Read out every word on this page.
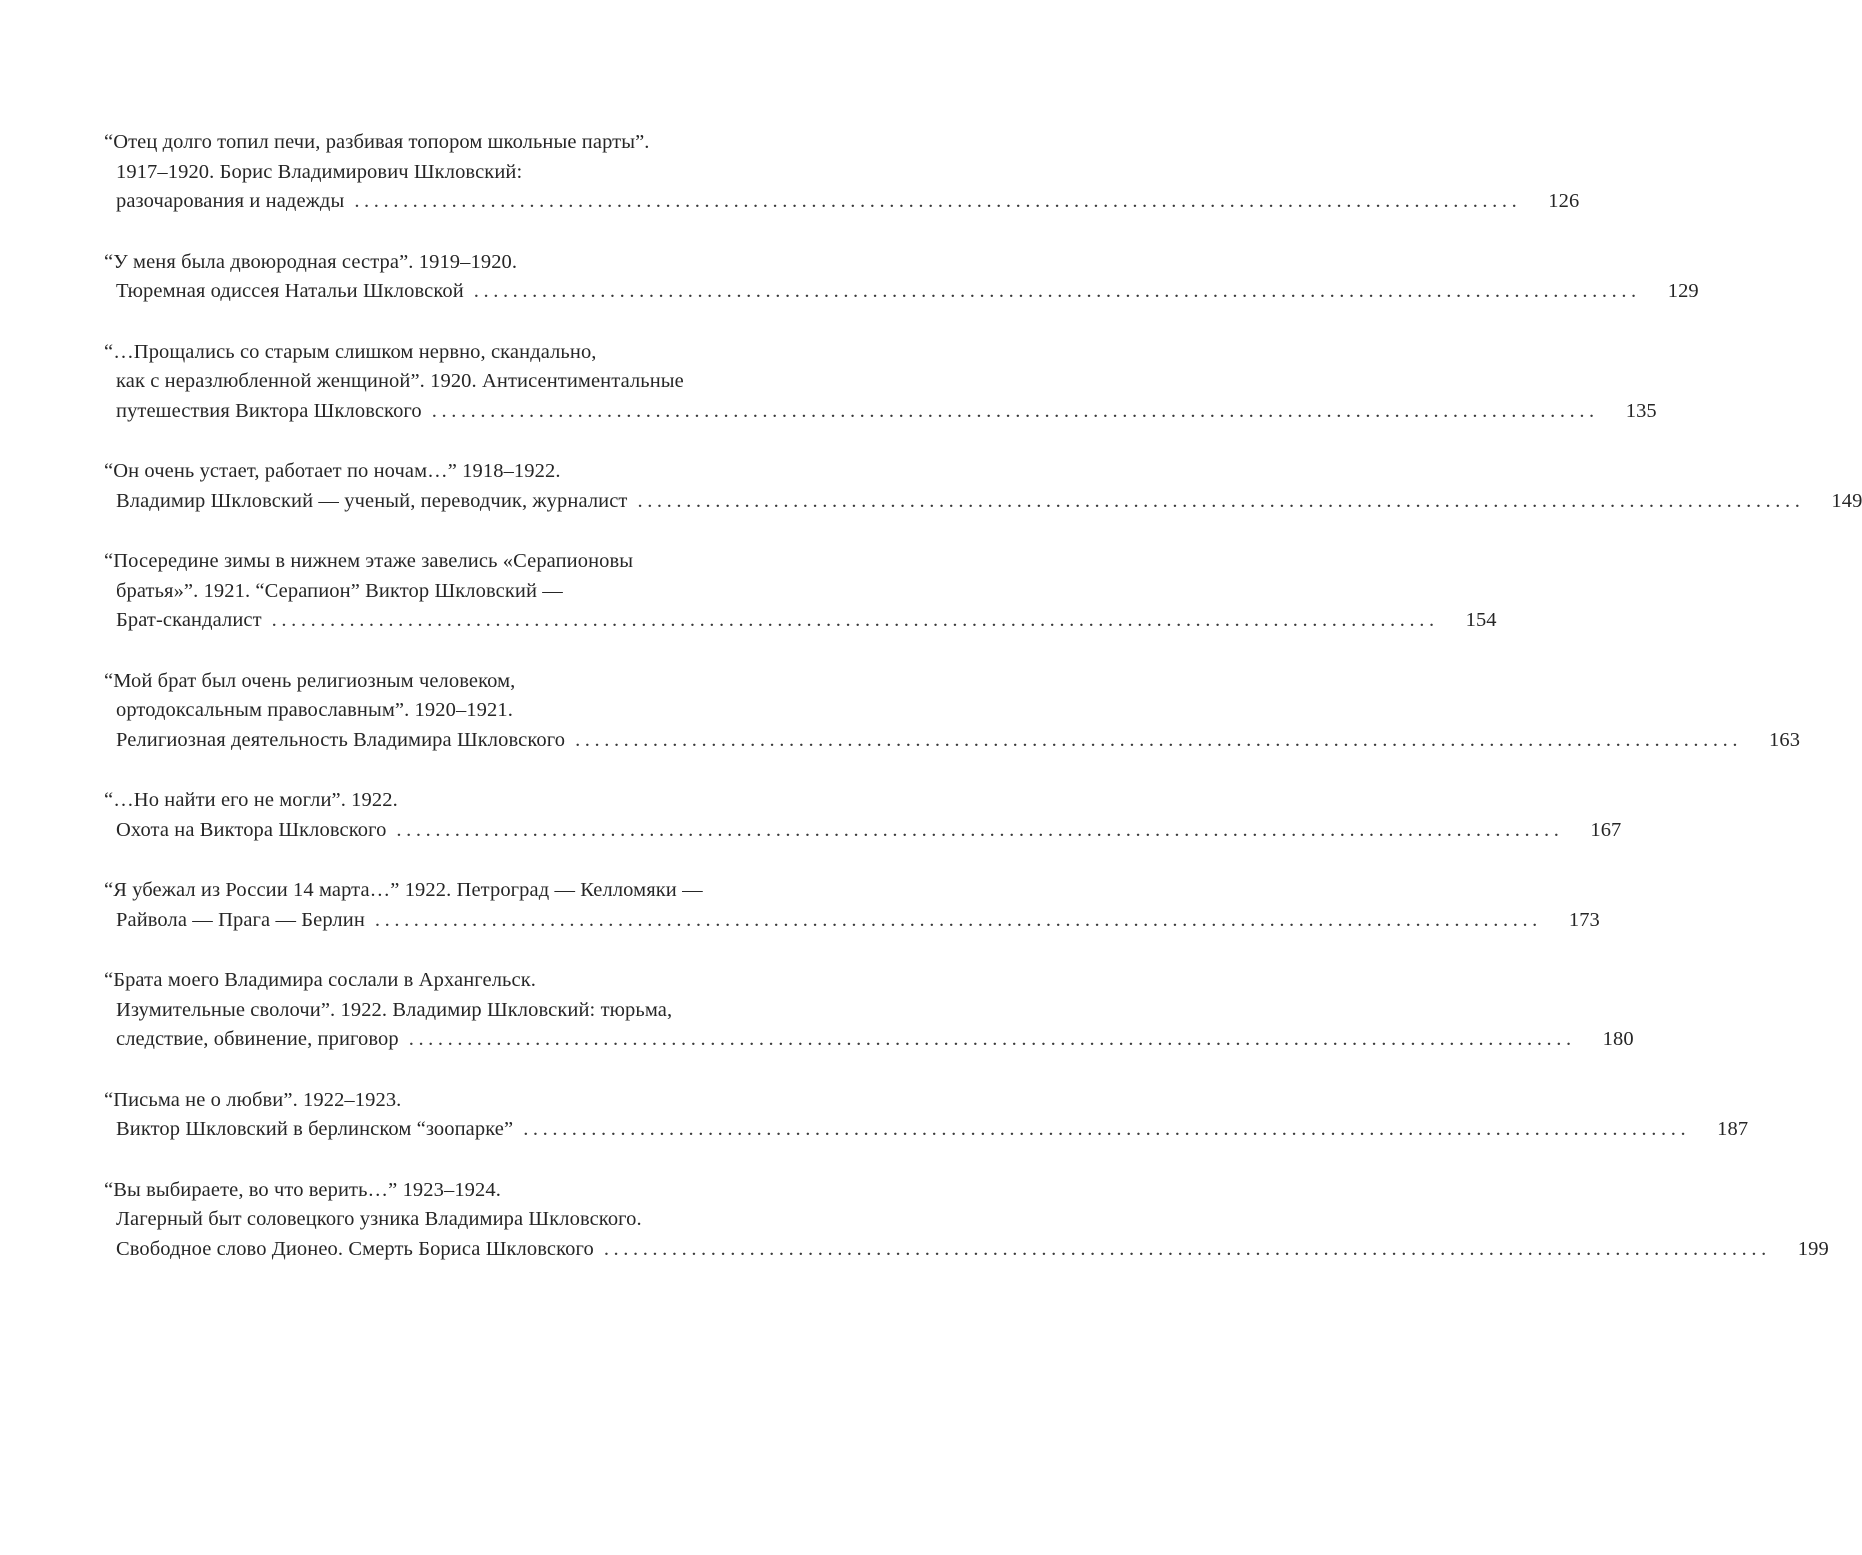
“Отец долго топил печи, разбивая топором школьные парты”.
1917–1920. Борис Владимирович Шкловский:
разочарования и надежды ........................................................................................................................ 126
“У меня была двоюродная сестра”. 1919–1920.
Тюремная одиссея Натальи Шкловской ........................................................................................................................ 129
“…Прощались со старым слишком нервно, скандально,
как с неразлюбленной женщиной”. 1920. Антисентиментальные
путешествия Виктора Шкловского ........................................................................................................................ 135
“Он очень устает, работает по ночам…” 1918–1922.
Владимир Шкловский — ученый, переводчик, журналист ........................................................................................................................ 149
“Посередине зимы в нижнем этаже завелись «Серапионовы
братья»”. 1921. “Серапион” Виктор Шкловский —
Брат-скандалист ........................................................................................................................ 154
“Мой брат был очень религиозным человеком,
ортодоксальным православным”. 1920–1921.
Религиозная деятельность Владимира Шкловского ........................................................................................................................ 163
“…Но найти его не могли”. 1922.
Охота на Виктора Шкловского ........................................................................................................................ 167
“Я убежал из России 14 марта…” 1922. Петроград — Келломяки —
Райвола — Прага — Берлин ........................................................................................................................ 173
“Брата моего Владимира сослали в Архангельск.
Изумительные сволочи”. 1922. Владимир Шкловский: тюрьма,
следствие, обвинение, приговор ........................................................................................................................ 180
“Письма не о любви”. 1922–1923.
Виктор Шкловский в берлинском “зоопарке” ........................................................................................................................ 187
“Вы выбираете, во что верить…” 1923–1924.
Лагерный быт соловецкого узника Владимира Шкловского.
Свободное слово Дионео. Смерть Бориса Шкловского ........................................................................................................................ 199
